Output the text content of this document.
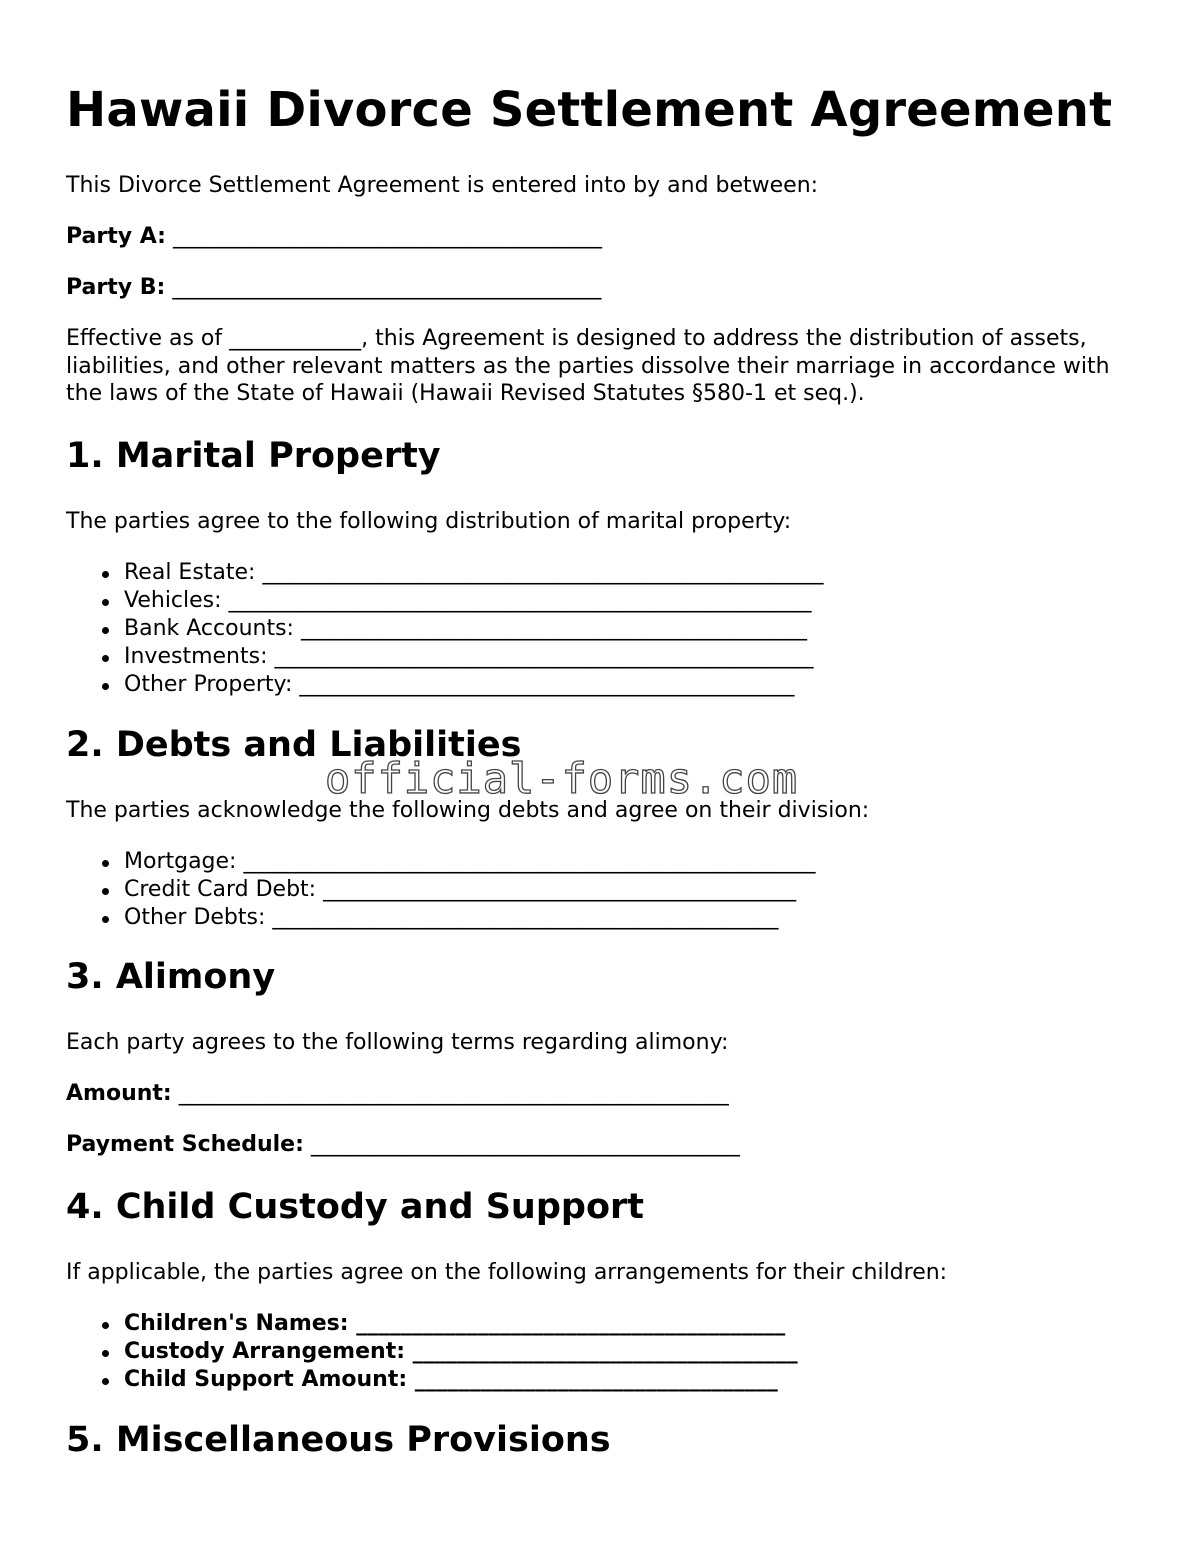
Hawaii Divorce Settlement Agreement

This Divorce Settlement Agreement is entered into by and between:

Party A: _______________________________________

Party B: _______________________________________

Effective as of ____________, this Agreement is designed to address the distribution of assets, liabilities, and other relevant matters as the parties dissolve their marriage in accordance with the laws of the State of Hawaii (Hawaii Revised Statutes §580-1 et seq.).

1. Marital Property

The parties agree to the following distribution of marital property:

Real Estate: ___________________________________________________
Vehicles: _____________________________________________________
Bank Accounts: ______________________________________________
Investments: _________________________________________________
Other Property: _____________________________________________
2. Debts and Liabilities

The parties acknowledge the following debts and agree on their division:

Mortgage: ____________________________________________________
Credit Card Debt: ___________________________________________
Other Debts: ______________________________________________
3. Alimony

Each party agrees to the following terms regarding alimony:

Amount: __________________________________________________

Payment Schedule: _______________________________________

4. Child Custody and Support

If applicable, the parties agree on the following arrangements for their children:

Children's Names: _______________________________________
Custody Arrangement: ___________________________________
Child Support Amount: _________________________________
5. Miscellaneous Provisions
official-forms.com
